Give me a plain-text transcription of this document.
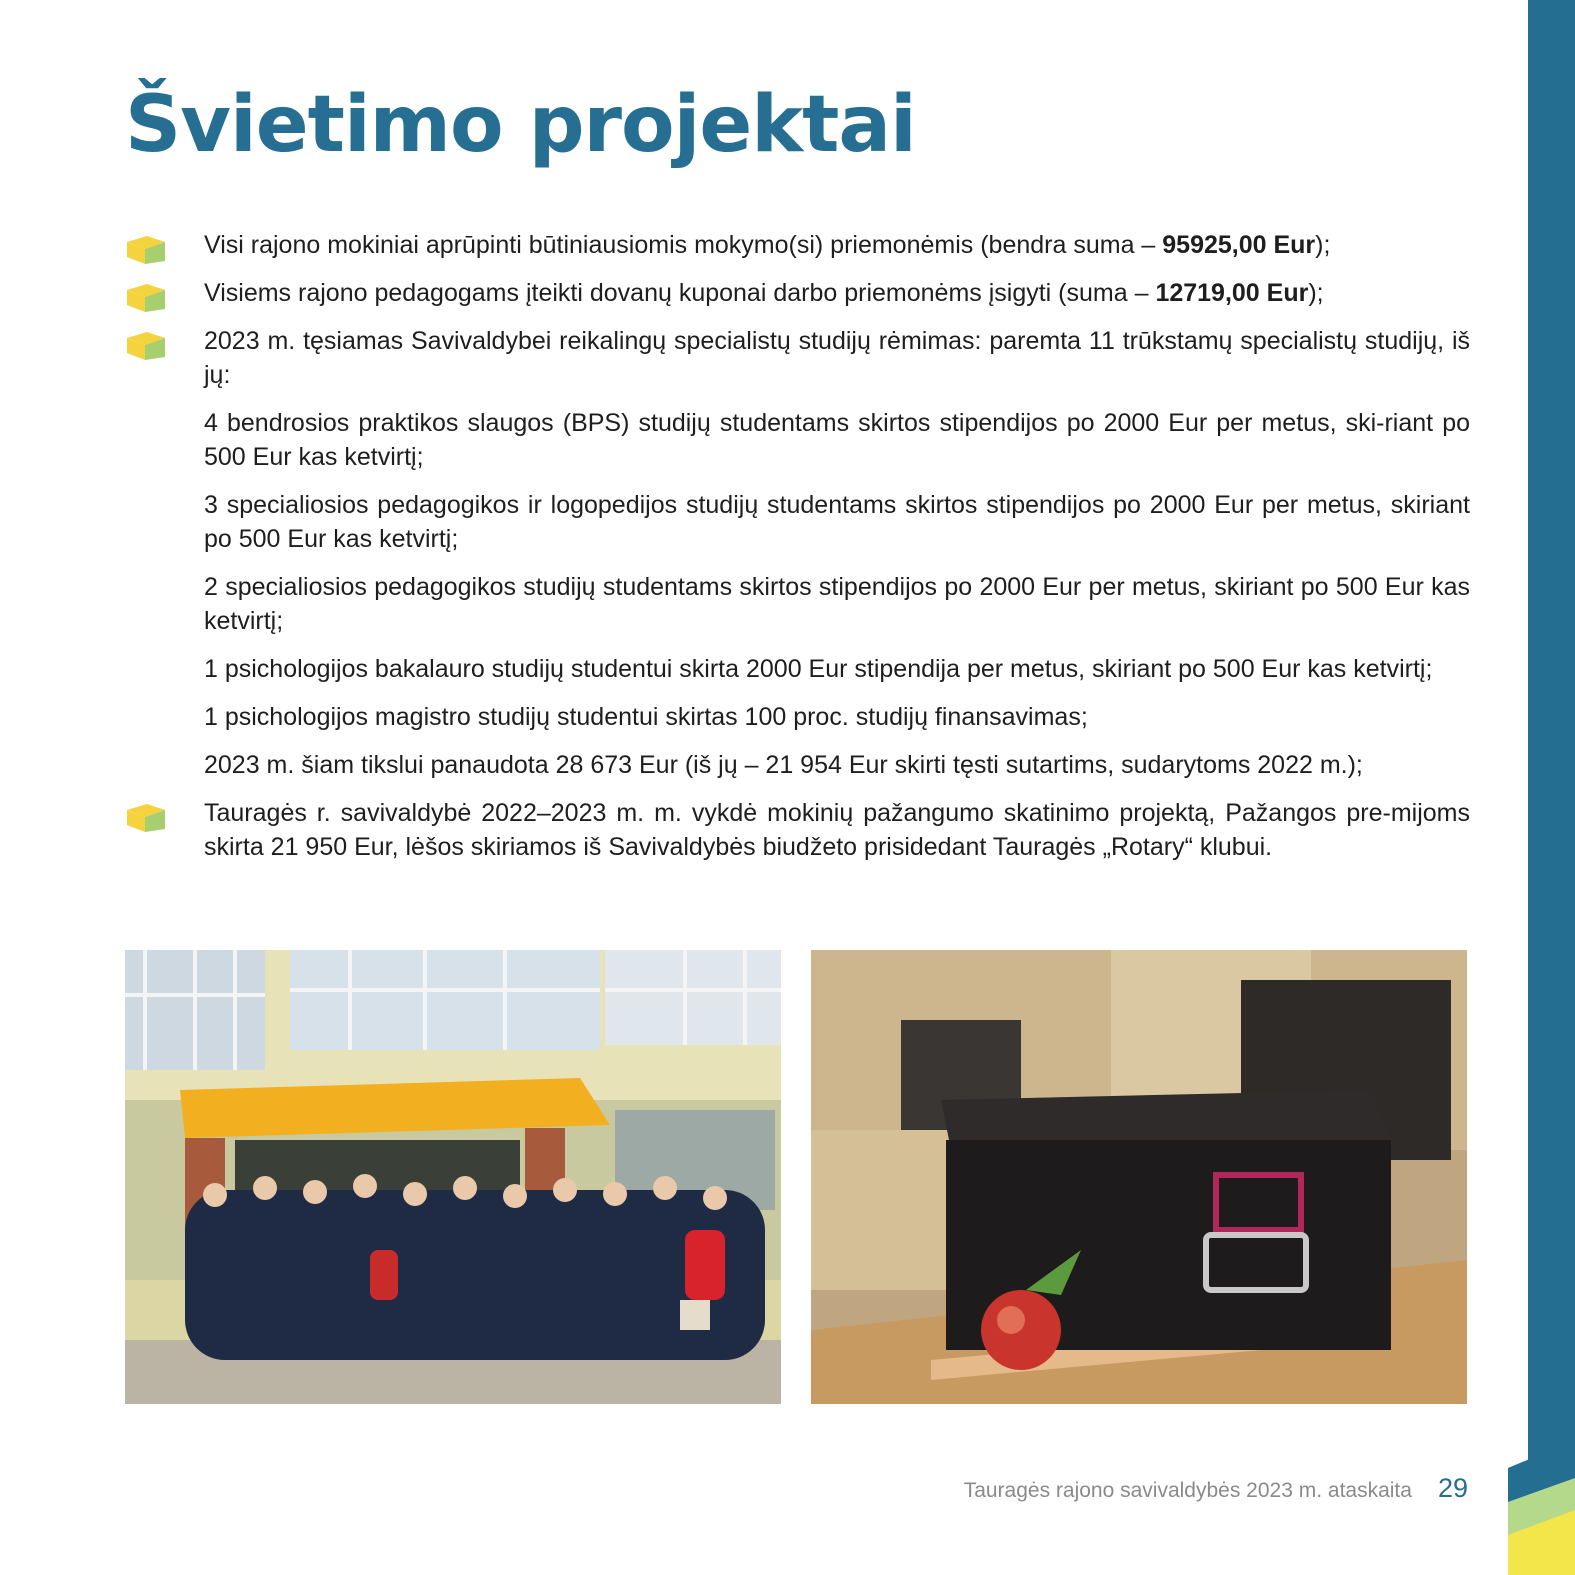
Švietimo projektai
Visi rajono mokiniai aprūpinti būtiniausiomis mokymo(si) priemonėmis (bendra suma – 95925,00 Eur);
Visiems rajono pedagogams įteikti dovanų kuponai darbo priemonėms įsigyti (suma – 12719,00 Eur);
2023 m. tęsiamas Savivaldybei reikalingų specialistų studijų rėmimas: paremta 11 trūkstamų specialistų studijų, iš jų:
4 bendrosios praktikos slaugos (BPS) studijų studentams skirtos stipendijos po 2000 Eur per metus, ski-riant po 500 Eur kas ketvirtį;
3 specialiosios pedagogikos ir logopedijos studijų studentams skirtos stipendijos po 2000 Eur per metus, skiriant po 500 Eur kas ketvirtį;
2 specialiosios pedagogikos studijų studentams skirtos stipendijos po 2000 Eur per metus, skiriant po 500 Eur kas ketvirtį;
1 psichologijos bakalauro studijų studentui skirta 2000 Eur stipendija per metus, skiriant po 500 Eur kas ketvirtį;
1 psichologijos magistro studijų studentui skirtas 100 proc. studijų finansavimas;
2023 m. šiam tikslui panaudota 28 673 Eur (iš jų – 21 954 Eur skirti tęsti sutartims, sudarytoms 2022 m.);
Tauragės r. savivaldybė 2022–2023 m. m. vykdė mokinių pažangumo skatinimo projektą, Pažangos pre-mijoms skirta 21 950 Eur, lėšos skiriamos iš Savivaldybės biudžeto prisidedant Tauragės „Rotary“ klubui.
Tauragės rajono savivaldybės 2023 m. ataskaita 29
